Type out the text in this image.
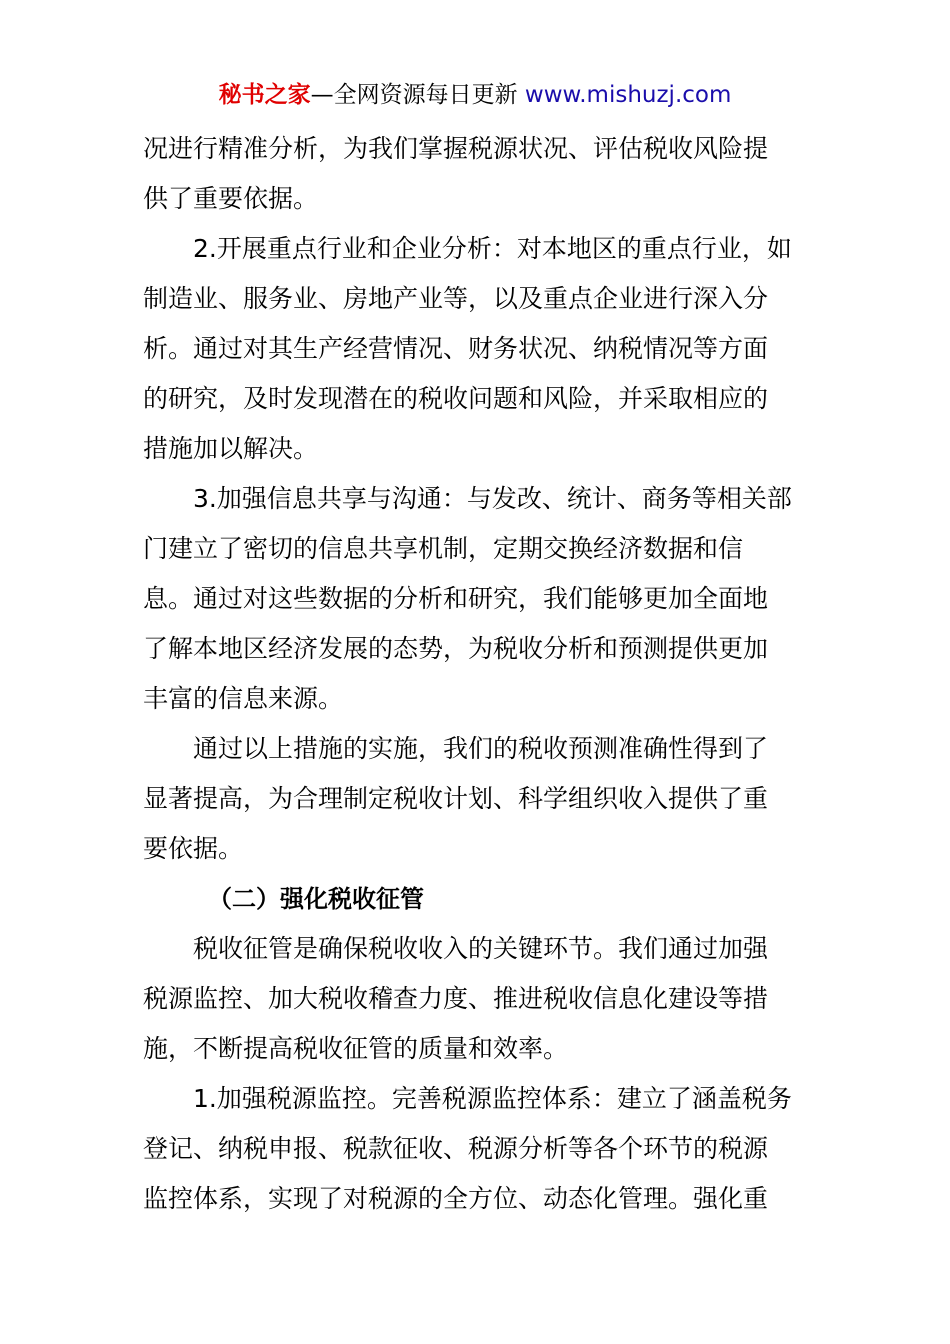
秘书之家—全网资源每日更新 www.mishuzj.com
况进行精准分析，为我们掌握税源状况、评估税收风险提
供了重要依据。
2.开展重点行业和企业分析：对本地区的重点行业，如
制造业、服务业、房地产业等，以及重点企业进行深入分
析。通过对其生产经营情况、财务状况、纳税情况等方面
的研究，及时发现潜在的税收问题和风险，并采取相应的
措施加以解决。
3.加强信息共享与沟通：与发改、统计、商务等相关部
门建立了密切的信息共享机制，定期交换经济数据和信
息。通过对这些数据的分析和研究，我们能够更加全面地
了解本地区经济发展的态势，为税收分析和预测提供更加
丰富的信息来源。
通过以上措施的实施，我们的税收预测准确性得到了
显著提高，为合理制定税收计划、科学组织收入提供了重
要依据。
（二）强化税收征管
税收征管是确保税收收入的关键环节。我们通过加强
税源监控、加大税收稽查力度、推进税收信息化建设等措
施，不断提高税收征管的质量和效率。
1.加强税源监控。完善税源监控体系：建立了涵盖税务
登记、纳税申报、税款征收、税源分析等各个环节的税源
监控体系，实现了对税源的全方位、动态化管理。强化重
